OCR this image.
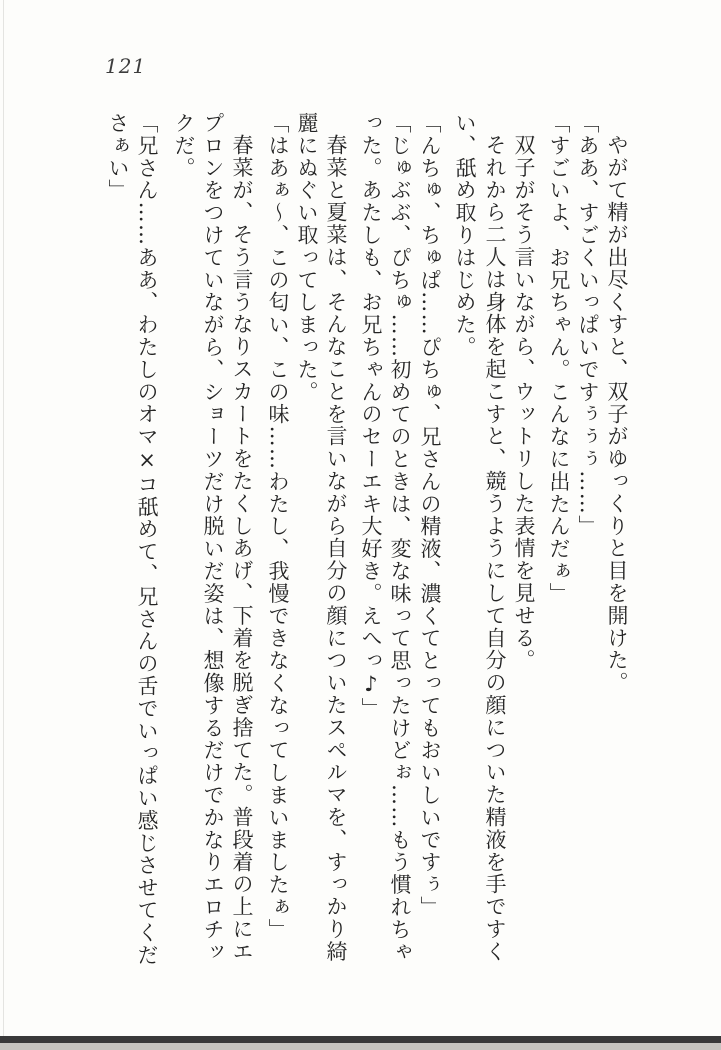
121
やがて精が出尽くすと、双子がゆっくりと目を開けた。
「ああ、すごくいっぱいですぅぅぅ……」
「すごいよ、お兄ちゃん。こんなに出たんだぁ」
双子がそう言いながら、ウットリした表情を見せる。
それから二人は身体を起こすと、競うようにして自分の顔についた精液を手ですく
い、舐め取りはじめた。
「んちゅ、ちゅぱ……ぴちゅ、兄さんの精液、濃くてとってもおいしいですぅ」
「じゅぶぶ、ぴちゅ……初めてのときは、変な味って思ったけどぉ……もう慣れちゃ
った。あたしも、お兄ちゃんのセーエキ大好き。えへっ♪」
春菜と夏菜は、そんなことを言いながら自分の顔についたスペルマを、すっかり綺
麗にぬぐい取ってしまった。
「はあぁ〜、この匂い、この味……わたし、我慢できなくなってしまいましたぁ」
春菜が、そう言うなりスカートをたくしあげ、下着を脱ぎ捨てた。普段着の上にエ
プロンをつけていながら、ショーツだけ脱いだ姿は、想像するだけでかなりエロチッ
クだ。
「兄さん……ああ、わたしのオマ×コ舐めて、兄さんの舌でいっぱい感じさせてくだ
さぁい」
